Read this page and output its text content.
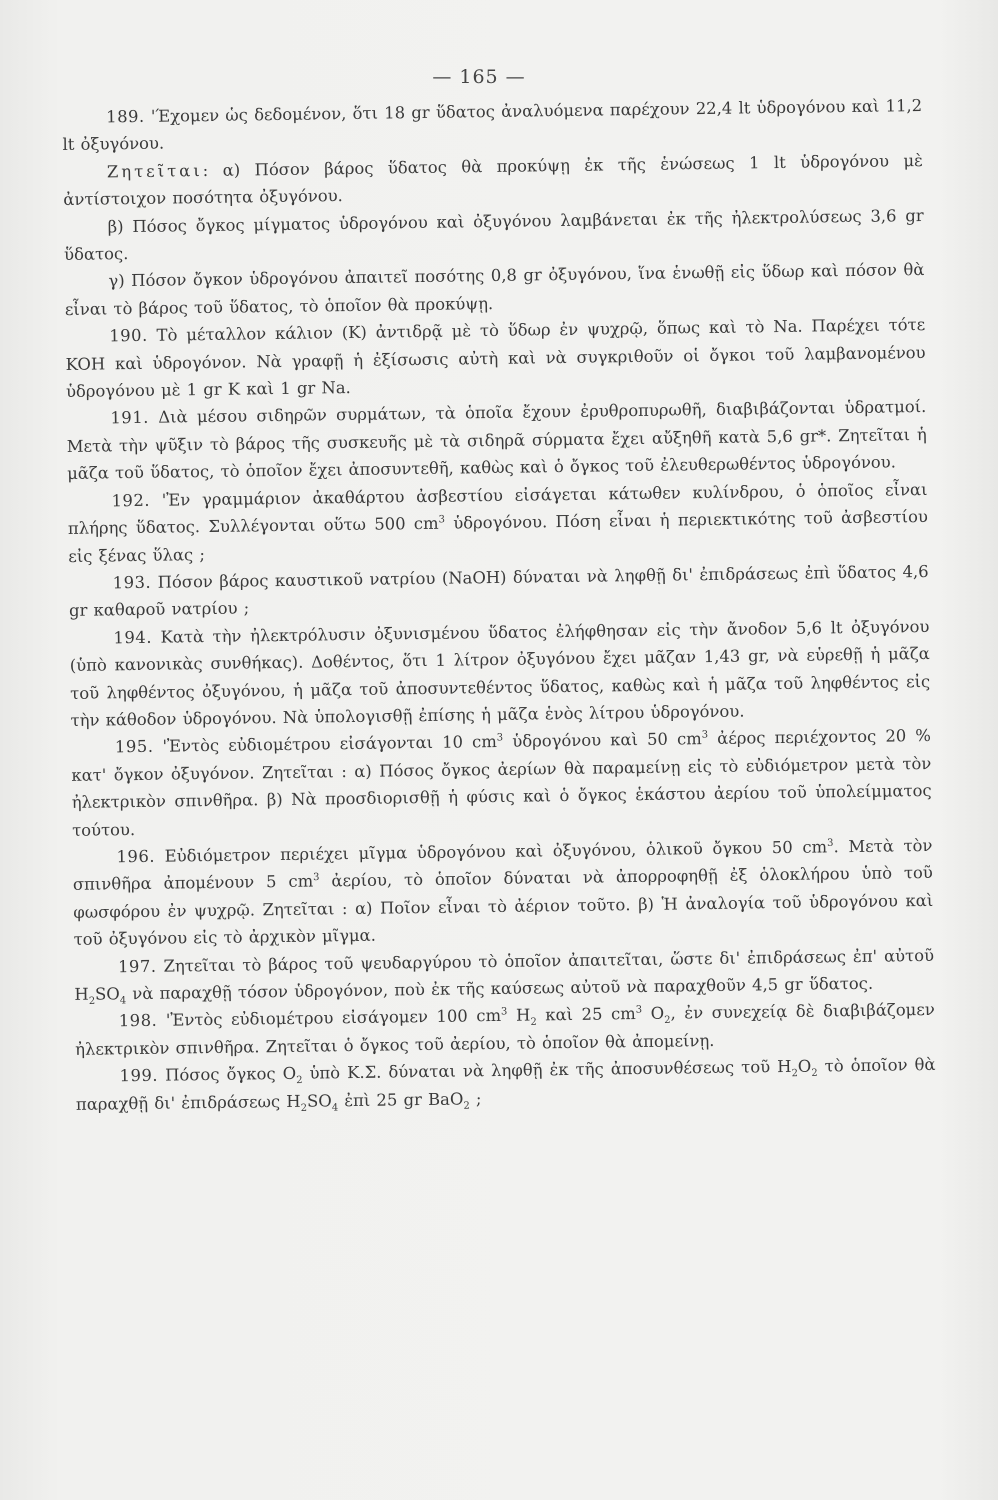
— 165 —

189. 'Έχομεν ὡς δεδομένον, ὅτι 18 gr ὕδατος ἀναλυόμενα παρέχουν 22,4 lt ὑδρογόνου καὶ 11,2 lt ὀξυγόνου.

Ζητεῖται: α) Πόσον βάρος ὕδατος θὰ προκύψῃ ἐκ τῆς ἑνώσεως 1 lt ὑδρογόνου μὲ ἀντίστοιχον ποσότητα ὀξυγόνου.

β) Πόσος ὄγκος μίγματος ὑδρογόνου καὶ ὀξυγόνου λαμβάνεται ἐκ τῆς ἠλεκτρολύσεως 3,6 gr ὕδατος.

γ) Πόσον ὄγκον ὑδρογόνου ἀπαιτεῖ ποσότης 0,8 gr ὀξυγόνου, ἵνα ἑνωθῇ εἰς ὕδωρ καὶ πόσον θὰ εἶναι τὸ βάρος τοῦ ὕδατος, τὸ ὁποῖον θὰ προκύψῃ.

190. Τὸ μέταλλον κάλιον (K) ἀντιδρᾷ μὲ τὸ ὕδωρ ἐν ψυχρῷ, ὅπως καὶ τὸ Na. Παρέχει τότε KOH καὶ ὑδρογόνον. Νὰ γραφῇ ἡ ἐξίσωσις αὐτὴ καὶ νὰ συγκριθοῦν οἱ ὄγκοι τοῦ λαμβανομένου ὑδρογόνου μὲ 1 gr K καὶ 1 gr Na.

191. Διὰ μέσου σιδηρῶν συρμάτων, τὰ ὁποῖα ἔχουν ἐρυθροπυρωθῆ, διαβιβάζονται ὑδρατμοί. Μετὰ τὴν ψῦξιν τὸ βάρος τῆς συσκευῆς μὲ τὰ σιδηρᾶ σύρματα ἔχει αὔξηθῆ κατὰ 5,6 gr*. Ζητεῖται ἡ μᾶζα τοῦ ὕδατος, τὸ ὁποῖον ἔχει ἀποσυντεθῆ, καθὼς καὶ ὁ ὄγκος τοῦ ἐλευθερωθέντος ὑδρογόνου.

192. 'Ἐν γραμμάριον ἀκαθάρτου ἀσβεστίου εἰσάγεται κάτωθεν κυλίνδρου, ὁ ὁποῖος εἶναι πλήρης ὕδατος. Συλλέγονται οὕτω 500 $cm^3$ ὑδρογόνου. Πόση εἶναι ἡ περιεκτικότης τοῦ ἀσβεστίου εἰς ξένας ὕλας ;

193. Πόσον βάρος καυστικοῦ νατρίου (NaOH) δύναται νὰ ληφθῇ δι' ἐπιδράσεως ἐπὶ ὕδατος 4,6 gr καθαροῦ νατρίου ;

194. Κατὰ τὴν ἠλεκτρόλυσιν ὀξυνισμένου ὕδατος ἐλήφθησαν εἰς τὴν ἄνοδον 5,6 lt ὀξυγόνου (ὑπὸ κανονικὰς συνθήκας). Δοθέντος, ὅτι 1 λίτρον ὀξυγόνου ἔχει μᾶζαν 1,43 gr, νὰ εὑρεθῇ ἡ μᾶζα τοῦ ληφθέντος ὀξυγόνου, ἡ μᾶζα τοῦ ἀποσυντεθέντος ὕδατος, καθὼς καὶ ἡ μᾶζα τοῦ ληφθέντος εἰς τὴν κάθοδον ὑδρογόνου. Νὰ ὑπολογισθῇ ἐπίσης ἡ μᾶζα ἑνὸς λίτρου ὑδρογόνου.

195. 'Ἐντὸς εὐδιομέτρου εἰσάγονται 10 $cm^3$ ὑδρογόνου καὶ 50 $cm^3$ ἀέρος περιέχοντος 20 % κατ' ὄγκον ὀξυγόνον. Ζητεῖται : α) Πόσος ὄγκος ἀερίων θὰ παραμείνῃ εἰς τὸ εὐδιόμετρον μετὰ τὸν ἠλεκτρικὸν σπινθῆρα. β) Νὰ προσδιορισθῇ ἡ φύσις καὶ ὁ ὄγκος ἑκάστου ἀερίου τοῦ ὑπολείμματος τούτου.

196. Εὐδιόμετρον περιέχει μῖγμα ὑδρογόνου καὶ ὀξυγόνου, ὁλικοῦ ὄγκου 50 $cm^3$. Μετὰ τὸν σπινθῆρα ἀπομένουν 5 $cm^3$ ἀερίου, τὸ ὁποῖον δύναται νὰ ἀπορροφηθῇ ἐξ ὁλοκλήρου ὑπὸ τοῦ φωσφόρου ἐν ψυχρῷ. Ζητεῖται : α) Ποῖον εἶναι τὸ ἀέριον τοῦτο. β) Ἡ ἀναλογία τοῦ ὑδρογόνου καὶ τοῦ ὀξυγόνου εἰς τὸ ἀρχικὸν μῖγμα.

197. Ζητεῖται τὸ βάρος τοῦ ψευδαργύρου τὸ ὁποῖον ἀπαιτεῖται, ὥστε δι' ἐπιδράσεως ἐπ' αὐτοῦ $H_2SO_4$ νὰ παραχθῇ τόσον ὑδρογόνον, ποὺ ἐκ τῆς καύσεως αὐτοῦ νὰ παραχθοῦν 4,5 gr ὕδατος.

198. 'Ἐντὸς εὐδιομέτρου εἰσάγομεν 100 $cm^3$ $H_2$ καὶ 25 $cm^3$ $O_2$, ἐν συνεχείᾳ δὲ διαβιβάζομεν ἠλεκτρικὸν σπινθῆρα. Ζητεῖται ὁ ὄγκος τοῦ ἀερίου, τὸ ὁποῖον θὰ ἀπομείνῃ.

199. Πόσος ὄγκος $O_2$ ὑπὸ Κ.Σ. δύναται νὰ ληφθῇ ἐκ τῆς ἀποσυνθέσεως τοῦ $H_2O_2$ τὸ ὁποῖον θὰ παραχθῇ δι' ἐπιδράσεως $H_2SO_4$ ἐπὶ 25 gr BaO$_2$ ;
